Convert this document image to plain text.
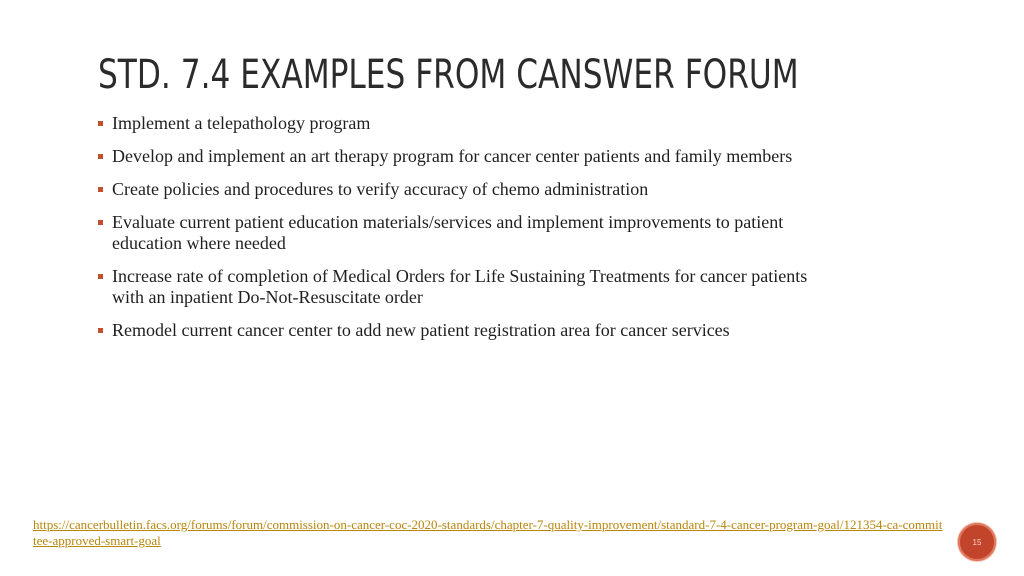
STD. 7.4 EXAMPLES FROM CANSWER FORUM
Implement a telepathology program
Develop and implement an art therapy program for cancer center patients and family members
Create policies and procedures to verify accuracy of chemo administration
Evaluate current patient education materials/services and implement improvements to patient education where needed
Increase rate of completion of Medical Orders for Life Sustaining Treatments for cancer patients with an inpatient Do-Not-Resuscitate order
Remodel current cancer center to add new patient registration area for cancer services
https://cancerbulletin.facs.org/forums/forum/commission-on-cancer-coc-2020-standards/chapter-7-quality-improvement/standard-7-4-cancer-program-goal/121354-ca-committee-approved-smart-goal	15
